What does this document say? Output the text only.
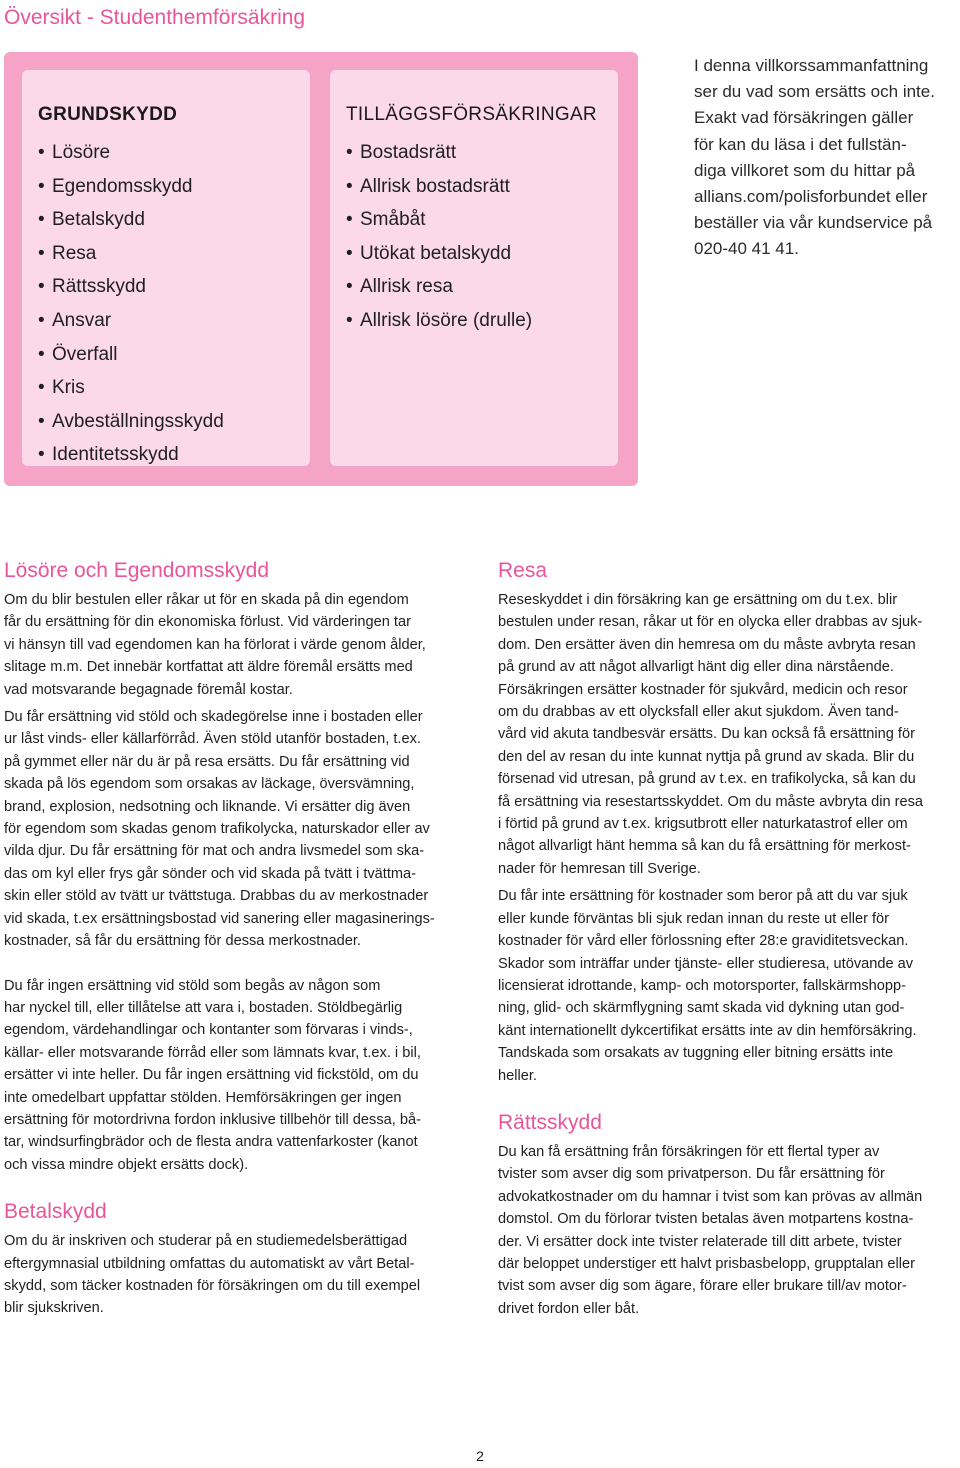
Översikt - Studenthemförsäkring
GRUNDSKYDD
• Lösöre
• Egendomsskydd
• Betalskydd
• Resa
• Rättsskydd
• Ansvar
• Överfall
• Kris
• Avbeställningsskydd
• Identitetsskydd
TILLÄGGSFÖRSÄKRINGAR
• Bostadsrätt
• Allrisk bostadsrätt
• Småbåt
• Utökat betalskydd
• Allrisk resa
• Allrisk lösöre (drulle)

I denna villkorssammanfattning
ser du vad som ersätts och inte.
Exakt vad försäkringen gäller
för kan du läsa i det fullstän-
diga villkoret som du hittar på
allians.com/polisforbundet eller
beställer via vår kundservice på
020-40 41 41.

Lösöre och Egendomsskydd

Om du blir bestulen eller råkar ut för en skada på din egendom
får du ersättning för din ekonomiska förlust. Vid värderingen tar
vi hänsyn till vad egendomen kan ha förlorat i värde genom ålder,
slitage m.m. Det innebär kortfattat att äldre föremål ersätts med
vad motsvarande begagnade föremål kostar.

Du får ersättning vid stöld och skadegörelse inne i bostaden eller
ur låst vinds- eller källarförråd. Även stöld utanför bostaden, t.ex.
på gymmet eller när du är på resa ersätts. Du får ersättning vid
skada på lös egendom som orsakas av läckage, översvämning,
brand, explosion, nedsotning och liknande. Vi ersätter dig även
för egendom som skadas genom trafikolycka, naturskador eller av
vilda djur. Du får ersättning för mat och andra livsmedel som ska-
das om kyl eller frys går sönder och vid skada på tvätt i tvättma-
skin eller stöld av tvätt ur tvättstuga. Drabbas du av merkostnader
vid skada, t.ex ersättningsbostad vid sanering eller magasinerings-
kostnader, så får du ersättning för dessa merkostnader.

Du får ingen ersättning vid stöld som begås av någon som
har nyckel till, eller tillåtelse att vara i, bostaden. Stöldbegärlig
egendom, värdehandlingar och kontanter som förvaras i vinds-,
källar- eller motsvarande förråd eller som lämnats kvar, t.ex. i bil,
ersätter vi inte heller. Du får ingen ersättning vid fickstöld, om du
inte omedelbart uppfattar stölden. Hemförsäkringen ger ingen
ersättning för motordrivna fordon inklusive tillbehör till dessa, bå-
tar, windsurfingbrädor och de flesta andra vattenfarkoster (kanot
och vissa mindre objekt ersätts dock).

Betalskydd

Om du är inskriven och studerar på en studiemedelsberättigad
eftergymnasial utbildning omfattas du automatiskt av vårt Betal-
skydd, som täcker kostnaden för försäkringen om du till exempel
blir sjukskriven.

Resa

Reseskyddet i din försäkring kan ge ersättning om du t.ex. blir
bestulen under resan, råkar ut för en olycka eller drabbas av sjuk-
dom. Den ersätter även din hemresa om du måste avbryta resan
på grund av att något allvarligt hänt dig eller dina närstående.
Försäkringen ersätter kostnader för sjukvård, medicin och resor
om du drabbas av ett olycksfall eller akut sjukdom. Även tand-
vård vid akuta tandbesvär ersätts. Du kan också få ersättning för
den del av resan du inte kunnat nyttja på grund av skada. Blir du
försenad vid utresan, på grund av t.ex. en trafikolycka, så kan du
få ersättning via resestartsskyddet. Om du måste avbryta din resa
i förtid på grund av t.ex. krigsutbrott eller naturkatastrof eller om
något allvarligt hänt hemma så kan du få ersättning för merkost-
nader för hemresan till Sverige.

Du får inte ersättning för kostnader som beror på att du var sjuk
eller kunde förväntas bli sjuk redan innan du reste ut eller för
kostnader för vård eller förlossning efter 28:e graviditetsveckan.
Skador som inträffar under tjänste- eller studieresa, utövande av
licensierat idrottande, kamp- och motorsporter, fallskärmshopp-
ning, glid- och skärmflygning samt skada vid dykning utan god-
känt internationellt dykcertifikat ersätts inte av din hemförsäkring.
Tandskada som orsakats av tuggning eller bitning ersätts inte
heller.

Rättsskydd

Du kan få ersättning från försäkringen för ett flertal typer av
tvister som avser dig som privatperson. Du får ersättning för
advokatkostnader om du hamnar i tvist som kan prövas av allmän
domstol. Om du förlorar tvisten betalas även motpartens kostna-
der. Vi ersätter dock inte tvister relaterade till ditt arbete, tvister
där beloppet understiger ett halvt prisbasbelopp, grupptalan eller
tvist som avser dig som ägare, förare eller brukare till/av motor-
drivet fordon eller båt.

2
